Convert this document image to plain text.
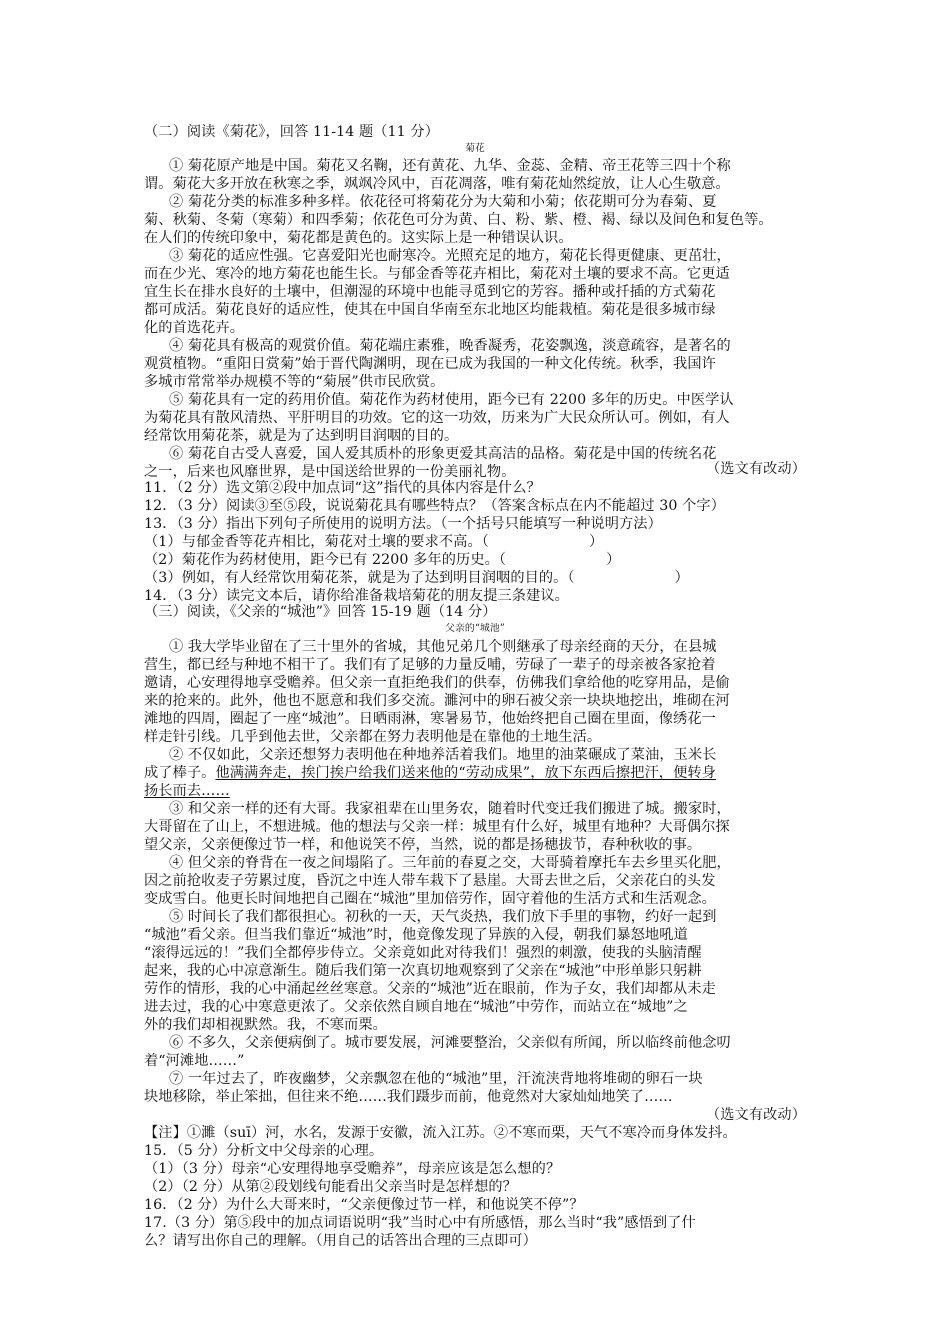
（二）阅读《菊花》，回答 11-14 题（11 分）
菊花
① 菊花原产地是中国。菊花又名鞠，还有黄花、九华、金蕊、金精、帝王花等三四十个称
谓。菊花大多开放在秋寒之季，飒飒冷风中，百花凋落，唯有菊花灿然绽放，让人心生敬意。
② 菊花分类的标准多种多样。依花径可将菊花分为大菊和小菊；依花期可分为春菊、夏
菊、秋菊、冬菊（寒菊）和四季菊；依花色可分为黄、白、粉、紫、橙、褐、绿以及间色和复色等。
在人们的传统印象中，菊花都是黄色的。这实际上是一种错误认识。
③ 菊花的适应性强。它喜爱阳光也耐寒冷。光照充足的地方，菊花长得更健康、更茁壮，
而在少光、寒冷的地方菊花也能生长。与郁金香等花卉相比，菊花对土壤的要求不高。它更适
宜生长在排水良好的土壤中，但潮湿的环境中也能寻觅到它的芳容。播种或扦插的方式菊花
都可成活。菊花良好的适应性，使其在中国自华南至东北地区均能栽植。菊花是很多城市绿
化的首选花卉。
④ 菊花具有极高的观赏价值。菊花端庄素雅，晚香凝秀，花姿飘逸，淡意疏容，是著名的
观赏植物。“重阳日赏菊”始于晋代陶渊明，现在已成为我国的一种文化传统。秋季，我国许
多城市常常举办规模不等的“菊展”供市民欣赏。
⑤ 菊花具有一定的药用价值。菊花作为药材使用，距今已有 2200 多年的历史。中医学认
为菊花具有散风清热、平肝明目的功效。它的这一功效，历来为广大民众所认可。例如，有人
经常饮用菊花茶，就是为了达到明目润咽的目的。
⑥ 菊花自古受人喜爱，国人爱其质朴的形象更爱其高洁的品格。菊花是中国的传统名花
之一，后来也风靡世界，是中国送给世界的一份美丽礼物。	（选文有改动）
11．（2 分）选文第②段中加点词“这”指代的具体内容是什么？
12．（3 分）阅读③至⑤段，说说菊花具有哪些特点？（答案含标点在内不能超过 30 个字）
13．（3 分）指出下列句子所使用的说明方法。（一个括号只能填写一种说明方法）
（1）与郁金香等花卉相比，菊花对土壤的要求不高。（　　　　　　　）
（2）菊花作为药材使用，距今已有 2200 多年的历史。（　　　　　　　）
（3）例如，有人经常饮用菊花茶，就是为了达到明目润咽的目的。（　　　　　　　）
14．（3 分）读完文本后，请你给准备栽培菊花的朋友提三条建议。
（三）阅读，《父亲的“城池”》回答 15-19 题（14 分）
父亲的“城池”
① 我大学毕业留在了三十里外的省城，其他兄弟几个则継承了母亲经商的天分，在县城
营生，都已经与种地不相干了。我们有了足够的力量反哺，劳碌了一辈子的母亲被各家抢着
邀请，心安理得地享受赡养。但父亲一直拒绝我们的供奉，仿佛我们拿给他的吃穿用品，是偷
来的抢来的。此外，他也不愿意和我们多交流。濉河中的卵石被父亲一块块地挖出，堆砌在河
滩地的四周，圈起了一座“城池”。日晒雨淋，寒暑易节，他始终把自己圈在里面，像绣花一
样走针引线。几乎到他去世，父亲都在努力表明他是在靠他的土地生活。
② 不仅如此，父亲还想努力表明他在种地养活着我们。地里的油菜碾成了菜油，玉米长
成了棒子。他满满奔走，挨门挨户给我们送来他的“劳动成果”，放下东西后擦把汗，便转身
扬长而去……
③ 和父亲一样的还有大哥。我家祖辈在山里务农，随着时代变迁我们搬进了城。搬家时，
大哥留在了山上，不想进城。他的想法与父亲一样：城里有什么好，城里有地种？大哥偶尔探
望父亲，父亲便像过节一样，和他说笑不停，当然，说的都是扬穗拔节，春种秋收的事。
④ 但父亲的脊背在一夜之间塌陷了。三年前的春夏之交，大哥骑着摩托车去乡里买化肥，
因之前抢收麦子劳累过度，昏沉之中连人带车栽下了悬崖。大哥去世之后，父亲花白的头发
变成雪白。他更长时间地把自己圈在“城池”里加倍劳作，固守着他的生活方式和生活观念。
⑤ 时间长了我们都很担心。初秋的一天，天气炎热，我们放下手里的事物，约好一起到
“城池”看父亲。但当我们靠近“城池”时，他竟像发现了异族的入侵，朝我们暴怒地吼道
“滚得远远的！”我们全都停步侍立。父亲竟如此对待我们！强烈的刺激，使我的头脑清醒
起来，我的心中凉意渐生。随后我们第一次真切地观察到了父亲在“城池”中形单影只躬耕
劳作的情形，我的心中涌起丝丝寒意。父亲的“城池”近在眼前，作为子女，我们却都从未走
进去过，我的心中寒意更浓了。父亲依然自顾自地在“城池”中劳作，而站立在“城地”之
外的我们却相视默然。我，不寒而栗。
⑥ 不多久，父亲便病倒了。城市要发展，河滩要整治，父亲似有所闻，所以临终前他念叨
着“河滩地……”
⑦ 一年过去了，昨夜幽梦，父亲飘忽在他的“城池”里，汗流浃背地将堆砌的卵石一块
块地移除，举止笨拙，但往来不绝……我们蹑步而前，他竟然对大家灿灿地笑了……
（选文有改动）
【注】①濉（suī）河，水名，发源于安徽，流入江苏。②不寒而栗，天气不寒冷而身体发抖。
15．（5 分）分析文中父母亲的心理。
（1）（3 分）母亲“心安理得地享受赡养”，母亲应该是怎么想的？
（2）（2 分）从第②段划线句能看出父亲当时是怎样想的？
16．（2 分）为什么大哥来时，“父亲便像过节一样，和他说笑不停”？
17.（3 分）第⑤段中的加点词语说明“我”当时心中有所感悟，那么当时“我”感悟到了什
么？请写出你自己的理解。（用自己的话答出合理的三点即可）
